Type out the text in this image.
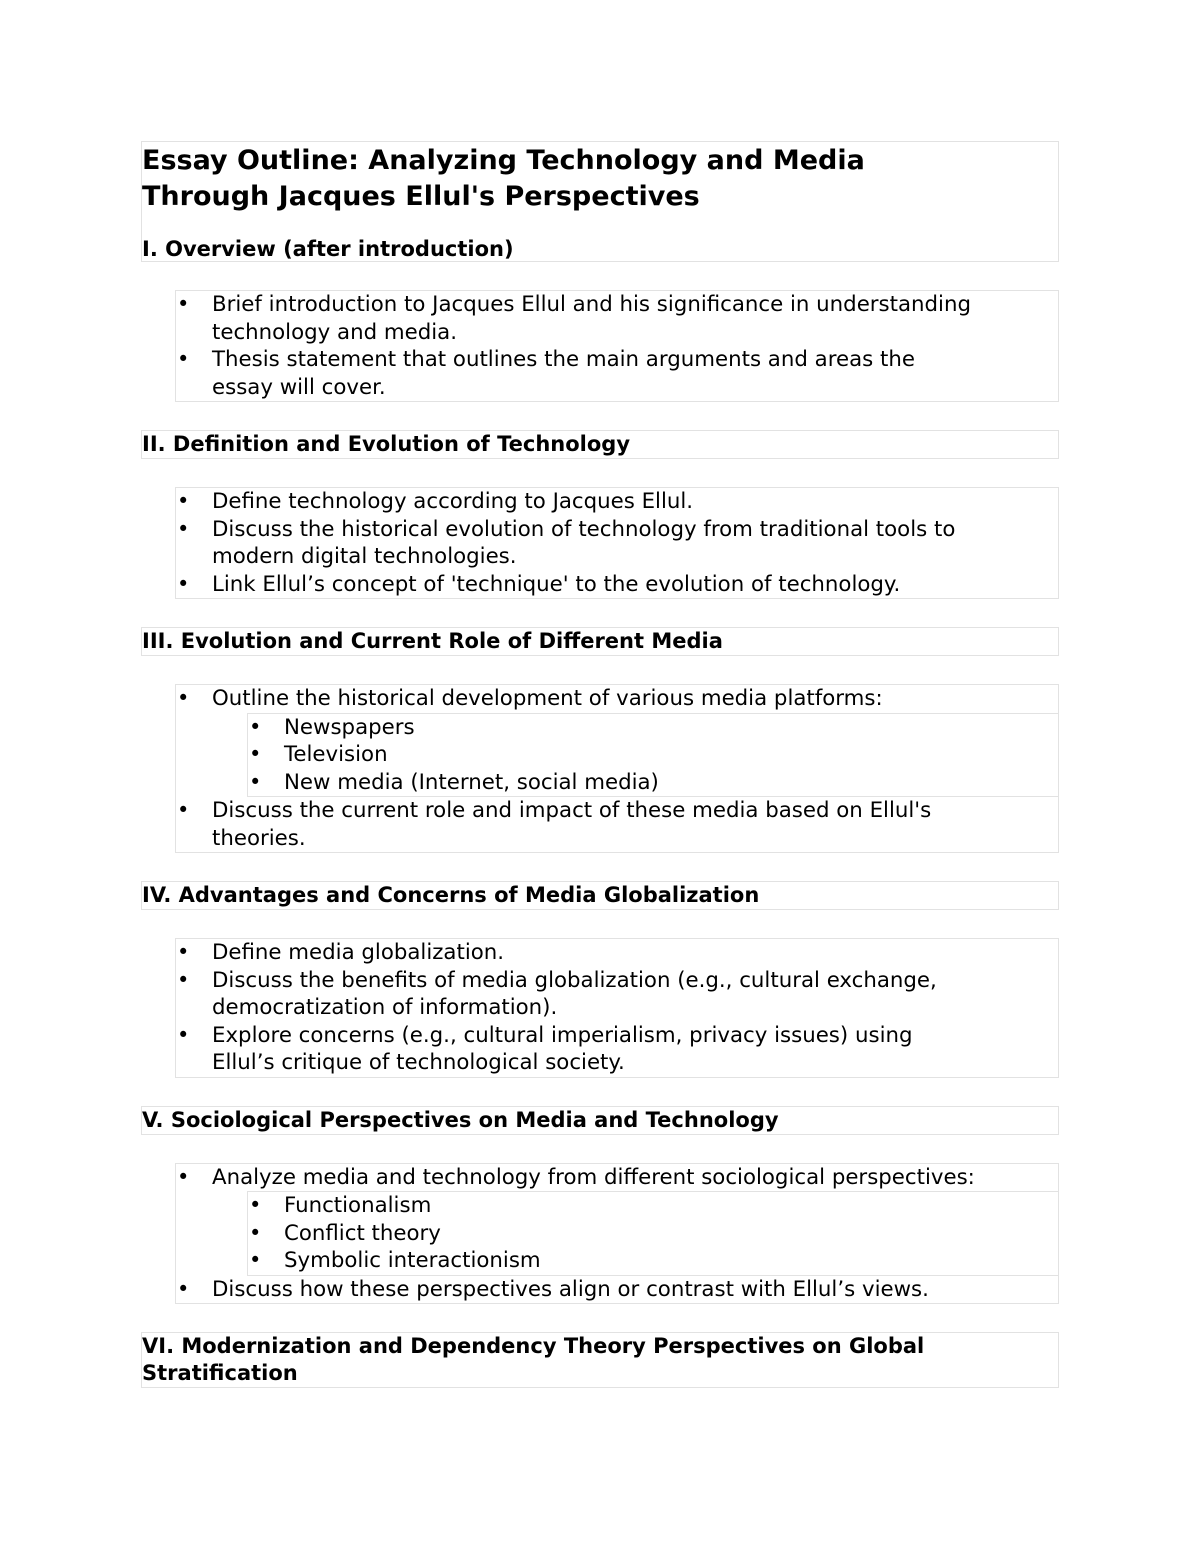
Essay Outline: Analyzing Technology and Media
Through Jacques Ellul's Perspectives
I. Overview (after introduction)
• Brief introduction to Jacques Ellul and his significance in understanding
technology and media.
• Thesis statement that outlines the main arguments and areas the
essay will cover.
II. Definition and Evolution of Technology
• Define technology according to Jacques Ellul.
• Discuss the historical evolution of technology from traditional tools to
modern digital technologies.
• Link Ellul’s concept of 'technique' to the evolution of technology.
III. Evolution and Current Role of Different Media
• Outline the historical development of various media platforms:
• Newspapers
• Television
• New media (Internet, social media)
• Discuss the current role and impact of these media based on Ellul's
theories.
IV. Advantages and Concerns of Media Globalization
• Define media globalization.
• Discuss the benefits of media globalization (e.g., cultural exchange,
democratization of information).
• Explore concerns (e.g., cultural imperialism, privacy issues) using
Ellul’s critique of technological society.
V. Sociological Perspectives on Media and Technology
• Analyze media and technology from different sociological perspectives:
• Functionalism
• Conflict theory
• Symbolic interactionism
• Discuss how these perspectives align or contrast with Ellul’s views.
VI. Modernization and Dependency Theory Perspectives on Global
Stratification
